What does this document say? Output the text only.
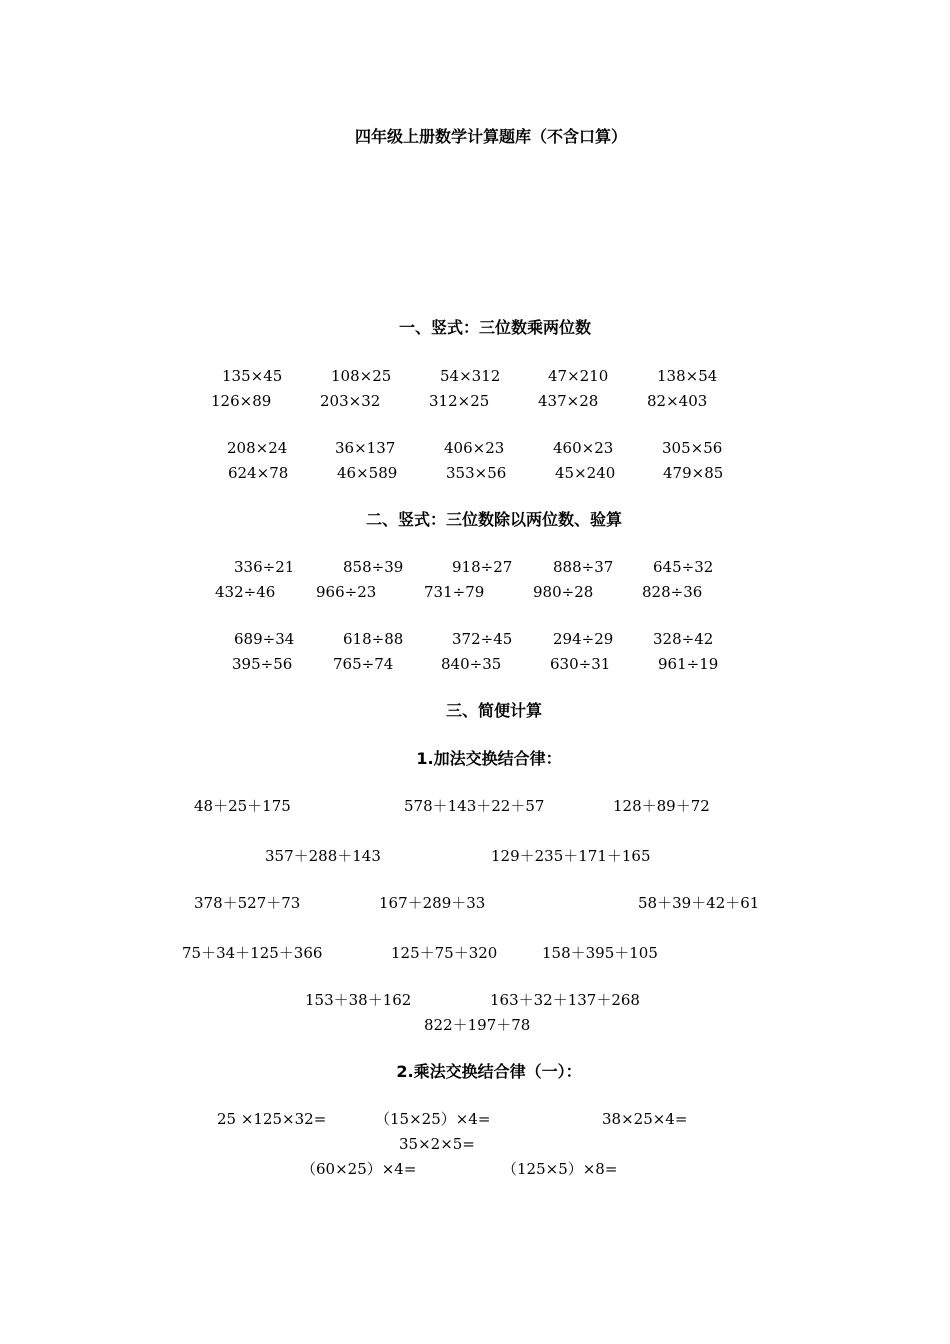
四年级上册数学计算题库（不含口算）
一、竖式：三位数乘两位数
135×45	108×25	54×312	47×210	138×54
126×89	203×32	312×25	437×28	82×403
208×24	36×137	406×23	460×23	305×56
624×78	46×589	353×56	45×240	479×85
二、竖式：三位数除以两位数、验算
336÷21	858÷39	918÷27	888÷37	645÷32
432÷46	966÷23	731÷79	980÷28	828÷36
689÷34	618÷88	372÷45	294÷29	328÷42
395÷56	765÷74	840÷35	630÷31	961÷19
三、简便计算
1.加法交换结合律：
48＋25＋175	578＋143＋22＋57	128＋89＋72
357＋288＋143	129＋235＋171＋165
378＋527＋73	167＋289＋33	58＋39＋42＋61
75＋34＋125＋366	125＋75＋320	158＋395＋105
153＋38＋162	163＋32＋137＋268
822＋197＋78
2.乘法交换结合律（一）：
25 ×125×32=	（15×25）×4=	38×25×4=
35×2×5=
（60×25）×4=	（125×5）×8=
